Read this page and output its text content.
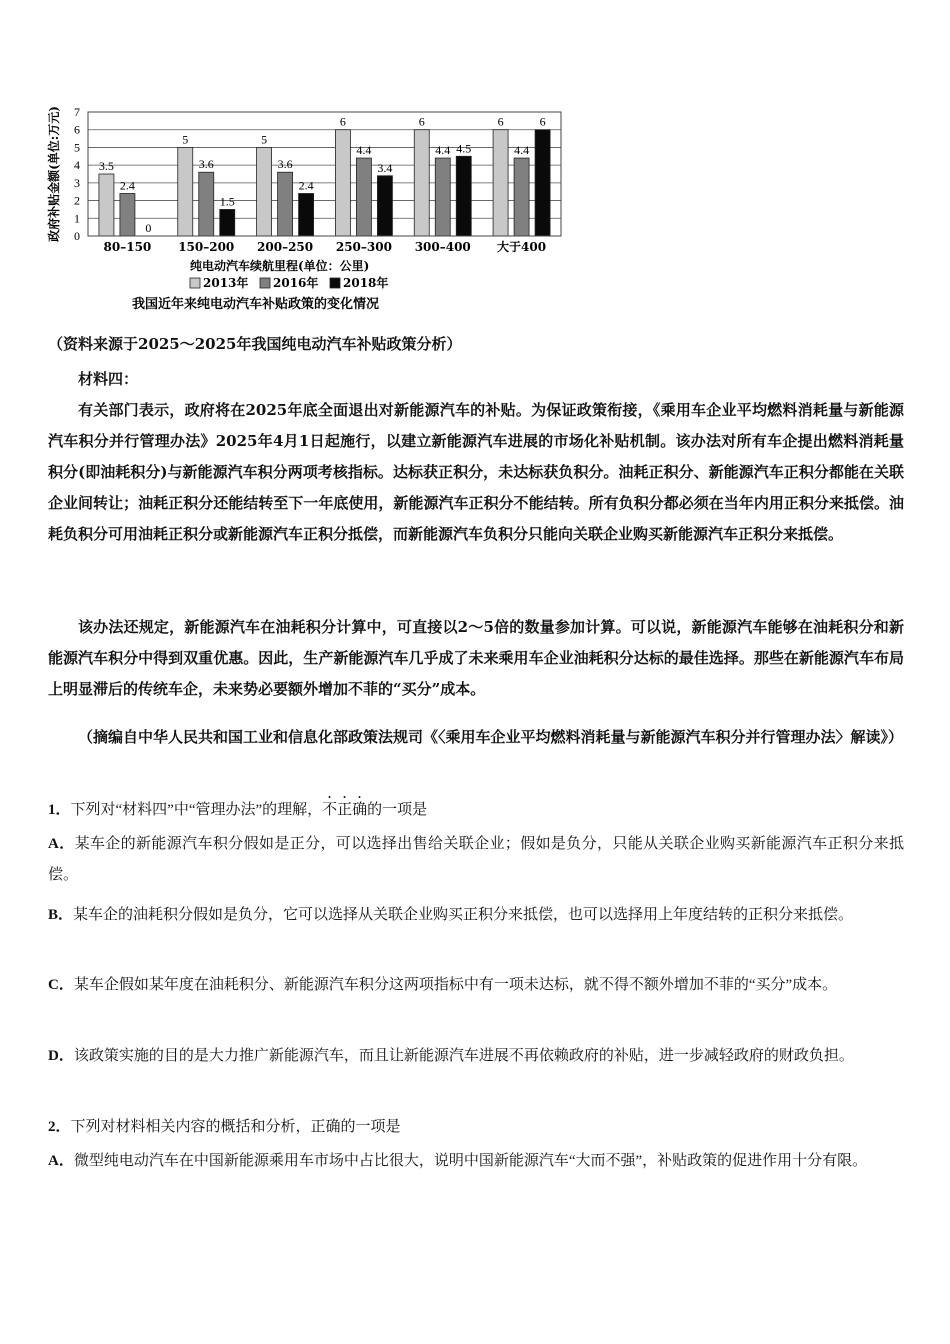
3.5
2.4
0
5
3.6
1.5
5
3.6
2.4
6
4.4
3.4
6
4.4 4.5
6
4.4
6
0
1
2
3
4
5
6
7
政府补贴金额(单位:万元)
80–150 150–200 200–250 250–300 300–400 大于400
纯电动汽车续航里程(单位：公里)
我国近年来纯电动汽车补贴政策的变化情况
2013年 2016年 2018年
（资料来源于2025～2025年我国纯电动汽车补贴政策分析）
材料四：
有关部门表示，政府将在2025年底全面退出对新能源汽车的补贴。为保证政策衔接，《乘用车企业平均燃料消耗量与新能源汽车积分并行管理办法》2025年4月1日起施行，以建立新能源汽车进展的市场化补贴机制。该办法对所有车企提出燃料消耗量积分(即油耗积分)与新能源汽车积分两项考核指标。达标获正积分，未达标获负积分。油耗正积分、新能源汽车正积分都能在关联企业间转让；油耗正积分还能结转至下一年底使用，新能源汽车正积分不能结转。所有负积分都必须在当年内用正积分来抵偿。油耗负积分可用油耗正积分或新能源汽车正积分抵偿，而新能源汽车负积分只能向关联企业购买新能源汽车正积分来抵偿。
该办法还规定，新能源汽车在油耗积分计算中，可直接以2～5倍的数量参加计算。可以说，新能源汽车能够在油耗积分和新能源汽车积分中得到双重优惠。因此，生产新能源汽车几乎成了未来乘用车企业油耗积分达标的最佳选择。那些在新能源汽车布局上明显滞后的传统车企，未来势必要额外增加不菲的“买分”成本。
（摘编自中华人民共和国工业和信息化部政策法规司《〈乘用车企业平均燃料消耗量与新能源汽车积分并行管理办法〉解读》）
1．下列对“材料四”中“管理办法”的理解，不正确的一项是
A．某车企的新能源汽车积分假如是正分，可以选择出售给关联企业；假如是负分，只能从关联企业购买新能源汽车正积分来抵偿。
B．某车企的油耗积分假如是负分，它可以选择从关联企业购买正积分来抵偿，也可以选择用上年度结转的正积分来抵偿。
C．某车企假如某年度在油耗积分、新能源汽车积分这两项指标中有一项未达标，就不得不额外增加不菲的“买分”成本。
D．该政策实施的目的是大力推广新能源汽车，而且让新能源汽车进展不再依赖政府的补贴，进一步减轻政府的财政负担。
2．下列对材料相关内容的概括和分析，正确的一项是
A．微型纯电动汽车在中国新能源乘用车市场中占比很大，说明中国新能源汽车“大而不强”，补贴政策的促进作用十分有限。
